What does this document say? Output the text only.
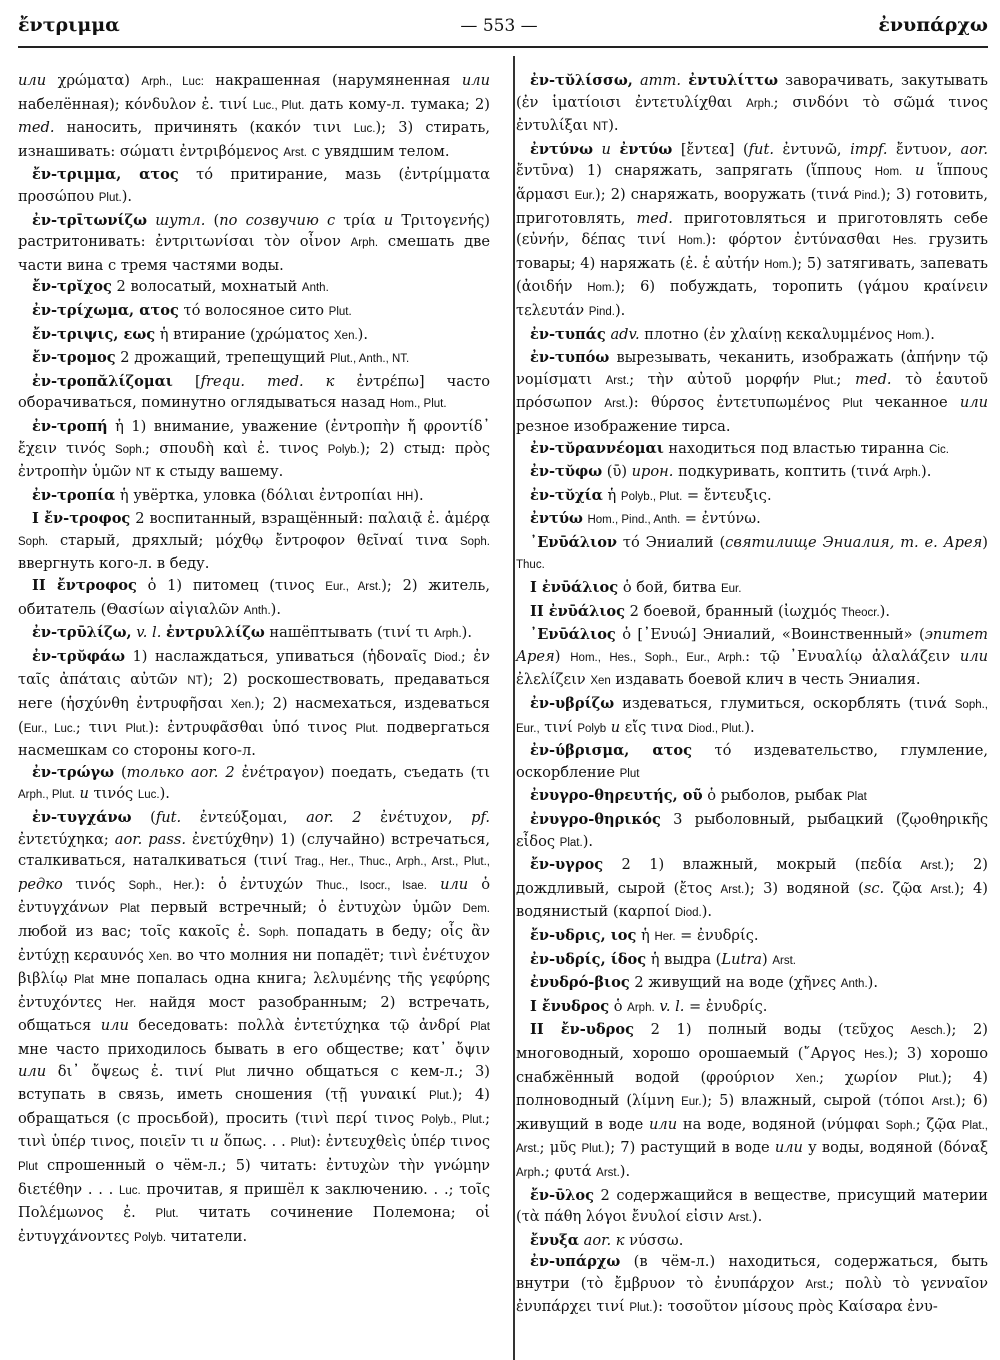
ἔντριμμα	— 553 —	ἐνυπάρχω

или χρώματα) Arph., Luc: накрашенная (нарумяненная или набелённая); κόνδυλον ἐ. τινί Luc., Plut. дать кому-л. тумака; 2) med. наносить, причинять (κακόν τινι Luc.); 3) стирать, изнашивать: σώματι ἐντριβόμενος Arst. с увядшим телом.

ἔν-τριμμα, ατος τό притирание, мазь (ἐντρίμματα προσώπου Plut.).

ἐν-τρῑτωνίζω шутл. (по созвучию с τρία и Τριτογενής) растритонивать: ἐντριτωνίσαι τὸν οἶνον Arph. смешать две части вина с тремя частями воды.

ἔν-τρῐχος 2 волосатый, мохнатый Anth.

ἐν-τρίχωμα, ατος τό волосяное сито Plut.

ἔν-τριψις, εως ἡ втирание (χρώματος Xen.).

ἔν-τρομος 2 дрожащий, трепещущий Plut., Anth., NT.

ἐν-τροπᾰλίζομαι [frequ. med. к ἐντρέπω] часто оборачиваться, поминутно оглядываться назад Hom., Plut.

ἐν-τροπή ἡ 1) внимание, уважение (ἐντροπὴν ἤ φροντίδ᾽ ἔχειν τινός Soph.; σπουδὴ καὶ ἐ. τινος Polyb.); 2) стыд: πρὸς ἐντροπὴν ὑμῶν NT к стыду вашему.

ἐν-τροπία ἡ увёртка, уловка (δόλιαι ἐντροπίαι HH).

I ἔν-τροφος 2 воспитанный, взращённый: παλαιᾷ ἐ. ἁμέρᾳ Soph. старый, дряхлый; μόχθῳ ἔντροφον θεῖναί τινα Soph. ввергнуть кого-л. в беду.

II ἔντροφος ὁ 1) питомец (τινος Eur., Arst.); 2) житель, обитатель (Θασίων αἰγιαλῶν Anth.).

ἐν-τρῡλίζω, v. l. ἐντρυλλίζω нашёптывать (τινί τι Arph.).

ἐν-τρῠφάω 1) наслаждаться, упиваться (ἡδοναῖς Diod.; ἐν ταῖς ἀπάταις αὐτῶν NT); 2) роскошествовать, предаваться неге (ἡσχύνθη ἐντρυφῆσαι Xen.); 2) насмехаться, издеваться (Eur., Luc.; τινι Plut.): ἐντρυφᾶσθαι ὑπό τινος Plut. подвергаться насмешкам со стороны кого-л.

ἐν-τρώγω (только aor. 2 ἐνέτραγον) поедать, съедать (τι Arph., Plut. и τινός Luc.).

ἐν-τυγχάνω (fut. ἐντεύξομαι, aor. 2 ἐνέτυχον, pf. ἐντετύχηκα; aor. pass. ἐνετύχθην) 1) (случайно) встречаться, сталкиваться, наталкиваться (τινί Trag., Her., Thuc., Arph., Arst., Plut., редко τινός Soph., Her.): ὁ ἐντυχών Thuc., Isocr., Isae. или ὁ ἐντυγχάνων Plat первый встречный; ὁ ἐντυχὼν ὑμῶν Dem. любой из вас; τοῖς κακοῖς ἐ. Soph. попадать в беду; οἷς ἂν ἐντύχῃ κεραυνός Xen. во что молния ни попадёт; τινὶ ἐνέτυχον βιβλίῳ Plat мне попалась одна книга; λελυμένης τῆς γεφύρης ἐντυχόντες Her. найдя мост разобранным; 2) встречать, общаться или беседовать: πολλὰ ἐντετύχηκα τῷ ἀνδρί Plat мне часто приходилось бывать в его обществе; κατ᾽ ὄψιν или δι᾽ ὄψεως ἐ. τινί Plut лично общаться с кем-л.; 3) вступать в связь, иметь сношения (τῇ γυναικί Plut.); 4) обращаться (с просьбой), просить (τινὶ περί τινος Polyb., Plut.; τινὶ ὑπέρ τινος, ποιεῖν τι и ὅπως. . . Plut): ἐντευχθεὶς ὑπέρ τινος Plut спрошенный о чём-л.; 5) читать: ἐντυχὼν τὴν γνώμην διετέθην . . . Luc. прочитав, я пришёл к заключению. . .; τοῖς Πολέμωνος ἐ. Plut. читать сочинение Полемона; οἱ ἐντυγχάνοντες Polyb. читатели.

ἐν-τῠλίσσω, атт. ἐντυλίττω заворачивать, закутывать (ἐν ἱματίοισι ἐντετυλίχθαι Arph.; σινδόνι τὸ σῶμά τινος ἐντυλίξαι NT).

ἐντύνω и ἐντύω [ἔντεα] (fut. ἐντυνῶ, impf. ἔντυον, aor. ἔντῡνα) 1) снаряжать, запрягать (ἵππους Hom. и ἵππους ἅρμασι Eur.); 2) снаряжать, вооружать (τινά Pind.); 3) готовить, приготовлять, med. приготовляться и приготовлять себе (εὐνήν, δέπας τινί Hom.): φόρτον ἐντύνασθαι Hes. грузить товары; 4) наряжать (ἐ. ἑ αὐτήν Hom.); 5) затягивать, запевать (ἀοιδήν Hom.); 6) побуждать, торопить (γάμου κραίνειν τελευτάν Pind.).

ἐν-τυπάς adv. плотно (ἐν χλαίνῃ κεκαλυμμένος Hom.).

ἐν-τυπόω вырезывать, чеканить, изображать (ἀπήνην τῷ νομίσματι Arst.; τὴν αὐτοῦ μορφήν Plut.; med. τὸ ἑαυτοῦ πρόσωπον Arst.): θύρσος ἐντετυπωμένος Plut чеканное или резное изображение тирса.

ἐν-τῠραννέομαι находиться под властью тиранна Cic.

ἐν-τῠφω (ῡ) ирон. подкуривать, коптить (τινά Arph.).

ἐν-τῠχία ἡ Polyb., Plut. = ἔντευξις.

ἐντύω Hom., Pind., Anth. = ἐντύνω.

᾿Ενῡάλιον τό Эниалий (святилище Эниалия, т. е. Арея) Thuc.

I ἐνῡάλιος ὁ бой, битва Eur.

II ἐνῡάλιος 2 боевой, бранный (ἰωχμός Theocr.).

᾿Ενῡάλιος ὁ [᾿Ενυώ] Эниалий, «Воинственный» (эпитет Арея) Hom., Hes., Soph., Eur., Arph.: τῷ ᾿Ενυαλίῳ ἀλαλάζειν или ἐλελίζειν Xen издавать боевой клич в честь Эниалия.

ἐν-υβρίζω издеваться, глумиться, оскорблять (τινά Soph., Eur., τινί Polyb и εἴς τινα Diod., Plut.).

ἐν-ύβρισμα, ατος τό издевательство, глумление, оскорбление Plut

ἐνυγρο-θηρευτής, οῦ ὁ рыболов, рыбак Plat

ἐνυγρο-θηρικός 3 рыболовный, рыбацкий (ζῳοθηρικῆς εἶδος Plat.).

ἔν-υγρος 2 1) влажный, мокрый (πεδία Arst.); 2) дождливый, сырой (ἔτος Arst.); 3) водяной (sc. ζῷα Arst.); 4) водянистый (καρποί Diod.).

ἔν-υδρις, ιος ἡ Her. = ἐνυδρίς.

ἐν-υδρίς, ίδος ἡ выдра (Lutra) Arst.

ἐνυδρό-βιος 2 живущий на воде (χῆνες Anth.).

I ἔνυδρος ὁ Arph. v. l. = ἐνυδρίς.

II ἔν-υδρος 2 1) полный воды (τεῦχος Aesch.); 2) многоводный, хорошо орошаемый (῎Αργος Hes.); 3) хорошо снабжённый водой (φρούριον Xen.; χωρίον Plut.); 4) полноводный (λίμνη Eur.); 5) влажный, сырой (τόποι Arst.); 6) живущий в воде или на воде, водяной (νύμφαι Soph.; ζῷα Plat., Arst.; μῦς Plut.); 7) растущий в воде или у воды, водяной (δόναξ Arph.; φυτά Arst.).

ἔν-ῡλος 2 содержащийся в веществе, присущий материи (τὰ πάθη λόγοι ἔνυλοί εἰσιν Arst.).

ἔνυξα aor. к νύσσω.

ἐν-υπάρχω (в чём-л.) находиться, содержаться, быть внутри (τὸ ἔμβρυον τὸ ἐνυπάρχον Arst.; πολὺ τὸ γενναῖον ἐνυπάρχει τινί Plut.): τοσοῦτον μίσους πρὸς Καίσαρα ἐνυ-
